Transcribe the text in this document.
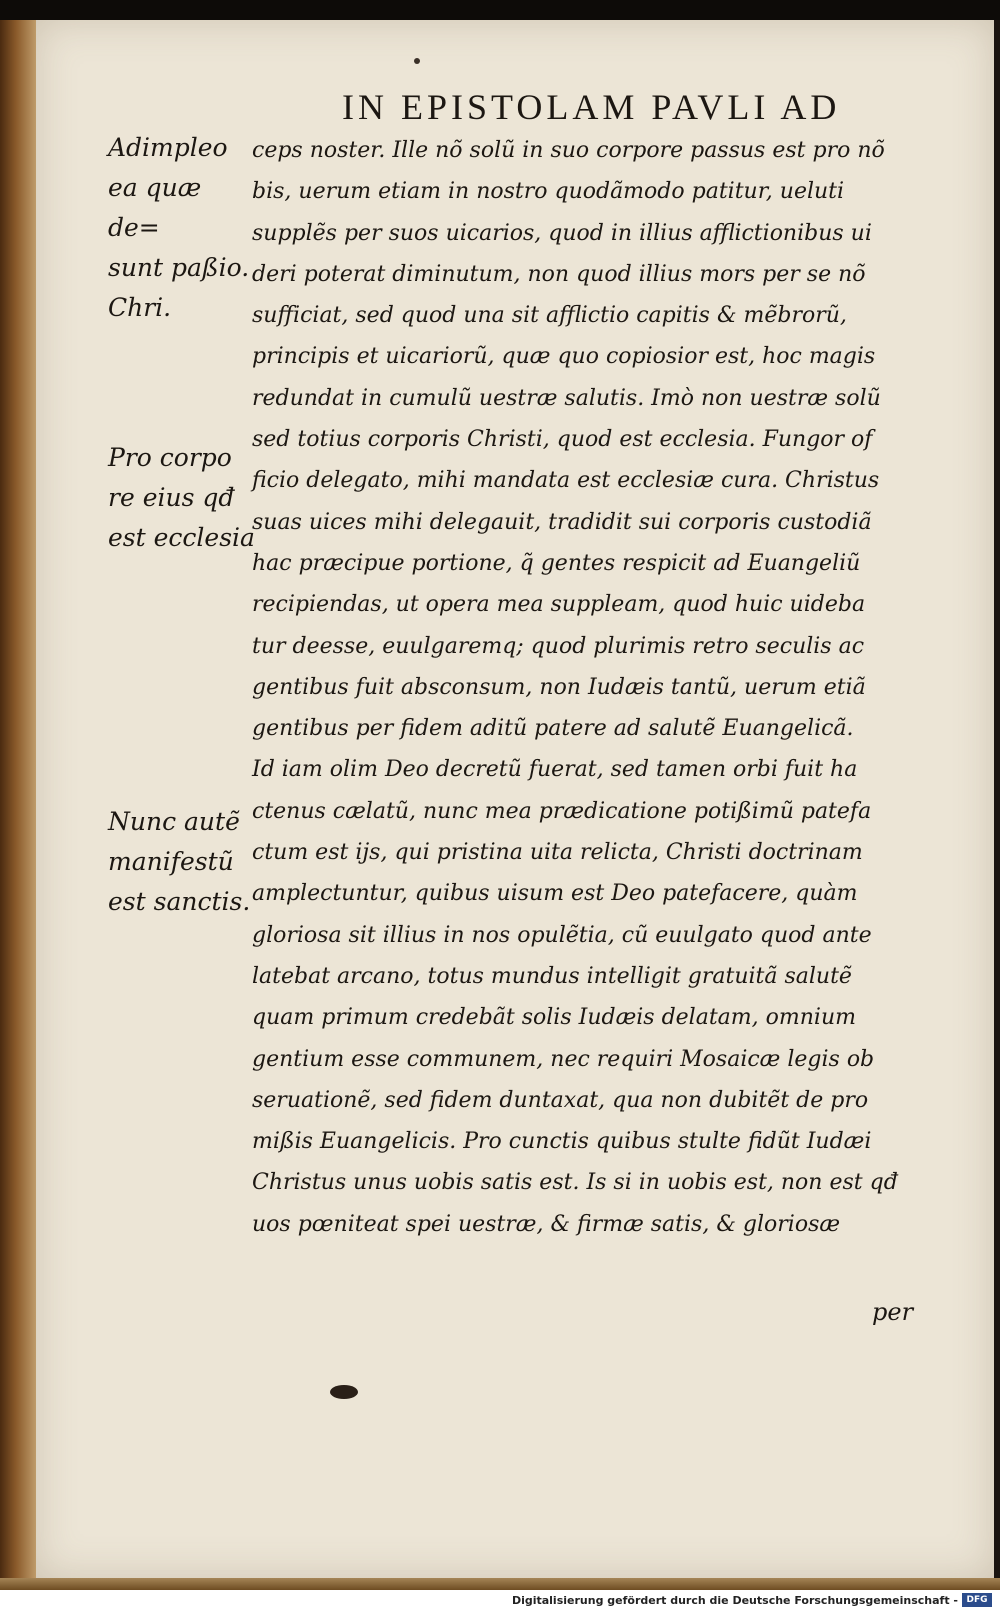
IN EPISTOLAM PAVLI AD
Adimpleo
ea quæ de=
sunt paßio.
Chri.
Pro corpo
re eius qđ
est ecclesia
Nunc autẽ
manifestũ
est sanctis.
ceps noster. Ille nõ solũ in suo corpore passus est pro nõ
bis, uerum etiam in nostro quodãmodo patitur, ueluti
supplẽs per suos uicarios, quod in illius afflictionibus ui
deri poterat diminutum, non quod illius mors per se nõ
sufficiat, sed quod una sit afflictio capitis & mẽbrorũ,
principis et uicariorũ, quæ quo copiosior est, hoc magis
redundat in cumulũ uestræ salutis. Imò non uestræ solũ
sed totius corporis Christi, quod est ecclesia. Fungor of
ficio delegato, mihi mandata est ecclesiæ cura. Christus
suas uices mihi delegauit, tradidit sui corporis custodiã
hac præcipue portione, q̃ gentes respicit ad Euangeliũ
recipiendas, ut opera mea suppleam, quod huic uideba
tur deesse, euulgaremq; quod plurimis retro seculis ac
gentibus fuit absconsum, non Iudæis tantũ, uerum etiã
gentibus per fidem aditũ patere ad salutẽ Euangelicã.
Id iam olim Deo decretũ fuerat, sed tamen orbi fuit ha
ctenus cælatũ, nunc mea prædicatione potißimũ patefa
ctum est ijs, qui pristina uita relicta, Christi doctrinam
amplectuntur, quibus uisum est Deo patefacere, quàm
gloriosa sit illius in nos opulẽtia, cũ euulgato quod ante
latebat arcano, totus mundus intelligit gratuitã salutẽ
quam primum credebãt solis Iudæis delatam, omnium
gentium esse communem, nec requiri Mosaicæ legis ob
seruationẽ, sed fidem duntaxat, qua non dubitẽt de pro
mißis Euangelicis. Pro cunctis quibus stulte fidũt Iudæi
Christus unus uobis satis est. Is si in uobis est, non est qđ
uos pœniteat spei uestræ, & firmæ satis, & gloriosæ
per
Digitalisierung gefördert durch die Deutsche Forschungsgemeinschaft - DFG
